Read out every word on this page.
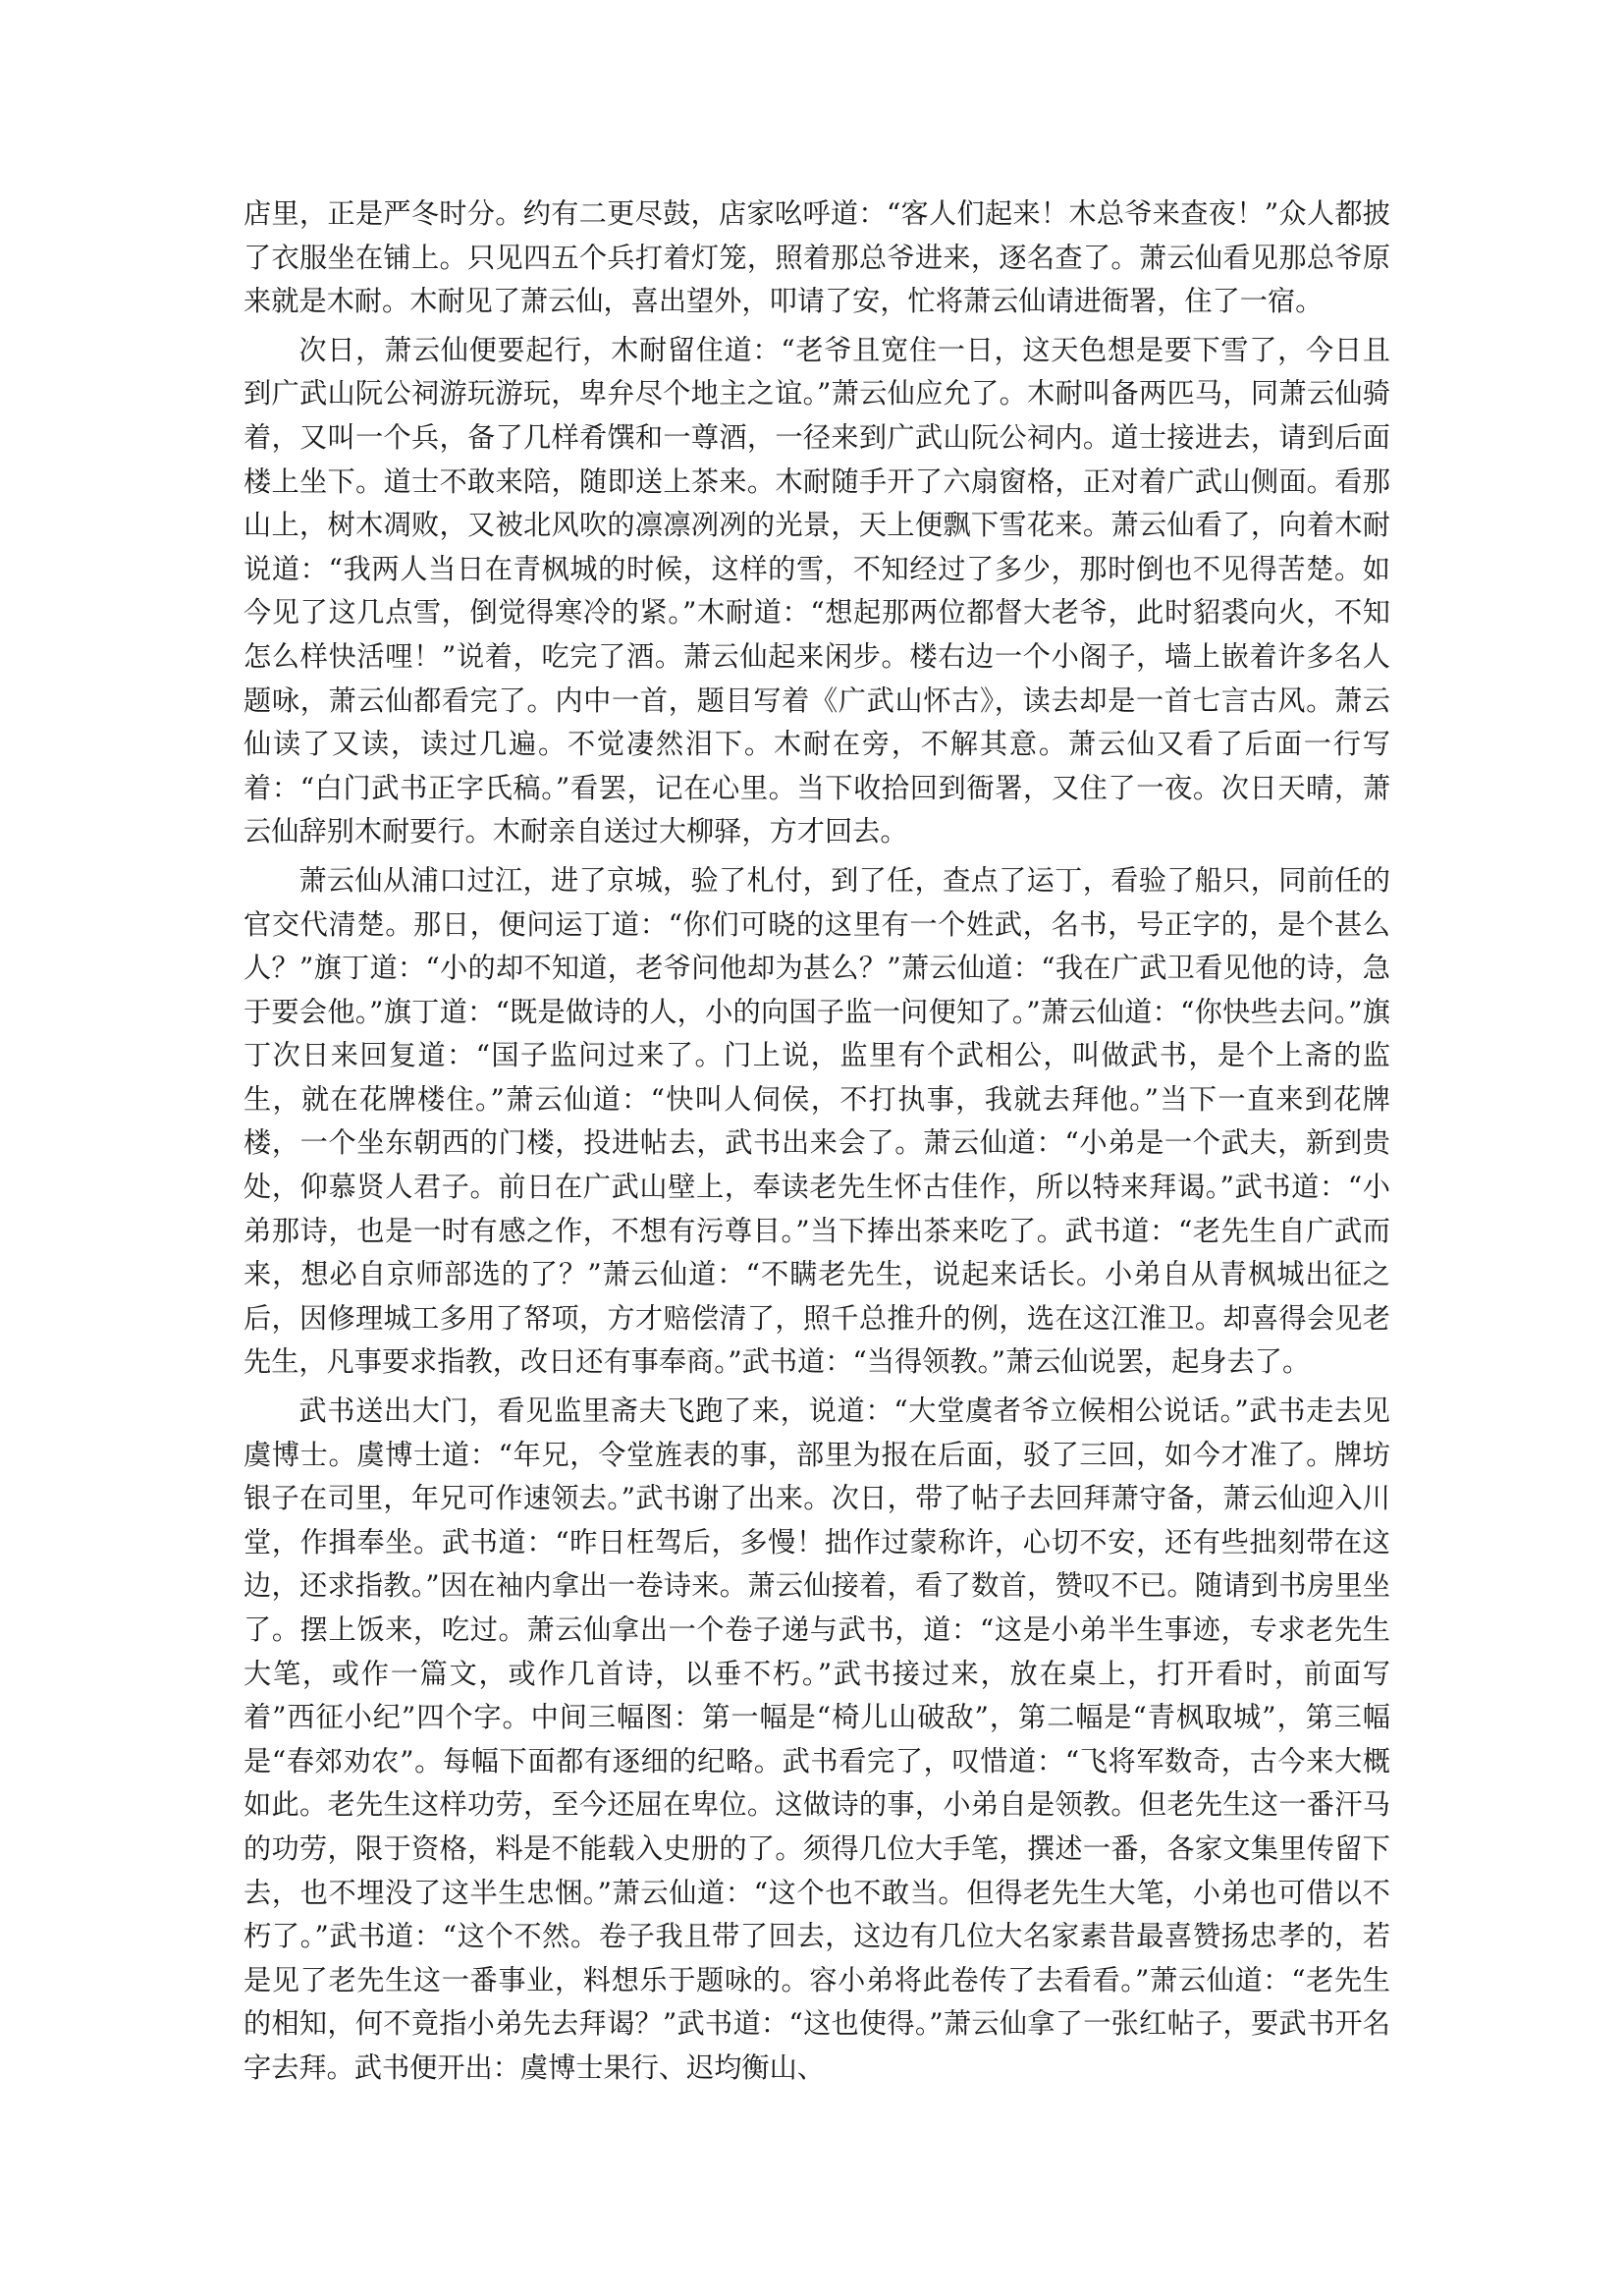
店里，正是严冬时分。约有二更尽鼓，店家吆呼道：“客人们起来！木总爷来查夜！”众人都披了衣服坐在铺上。只见四五个兵打着灯笼，照着那总爷进来，逐名查了。萧云仙看见那总爷原来就是木耐。木耐见了萧云仙，喜出望外，叩请了安，忙将萧云仙请进衙署，住了一宿。

次日，萧云仙便要起行，木耐留住道：“老爷且宽住一日，这天色想是要下雪了，今日且到广武山阮公祠游玩游玩，卑弁尽个地主之谊。”萧云仙应允了。木耐叫备两匹马，同萧云仙骑着，又叫一个兵，备了几样肴馔和一尊酒，一径来到广武山阮公祠内。道士接进去，请到后面楼上坐下。道士不敢来陪，随即送上茶来。木耐随手开了六扇窗格，正对着广武山侧面。看那山上，树木凋败，又被北风吹的凛凛冽冽的光景，天上便飘下雪花来。萧云仙看了，向着木耐说道：“我两人当日在青枫城的时候，这样的雪，不知经过了多少，那时倒也不见得苦楚。如今见了这几点雪，倒觉得寒冷的紧。”木耐道：“想起那两位都督大老爷，此时貂裘向火，不知怎么样快活哩！”说着，吃完了酒。萧云仙起来闲步。楼右边一个小阁子，墙上嵌着许多名人题咏，萧云仙都看完了。内中一首，题目写着《广武山怀古》，读去却是一首七言古风。萧云仙读了又读，读过几遍。不觉凄然泪下。木耐在旁，不解其意。萧云仙又看了后面一行写着：“白门武书正字氏稿。”看罢，记在心里。当下收拾回到衙署，又住了一夜。次日天晴，萧云仙辞别木耐要行。木耐亲自送过大柳驿，方才回去。

萧云仙从浦口过江，进了京城，验了札付，到了任，查点了运丁，看验了船只，同前任的官交代清楚。那日，便问运丁道：“你们可晓的这里有一个姓武，名书，号正字的，是个甚么人？”旗丁道：“小的却不知道，老爷问他却为甚么？”萧云仙道：“我在广武卫看见他的诗，急于要会他。”旗丁道：“既是做诗的人，小的向国子监一问便知了。”萧云仙道：“你快些去问。”旗丁次日来回复道：“国子监问过来了。门上说，监里有个武相公，叫做武书，是个上斋的监生，就在花牌楼住。”萧云仙道：“快叫人伺侯，不打执事，我就去拜他。”当下一直来到花牌楼，一个坐东朝西的门楼，投进帖去，武书出来会了。萧云仙道：“小弟是一个武夫，新到贵处，仰慕贤人君子。前日在广武山壁上，奉读老先生怀古佳作，所以特来拜谒。”武书道：“小弟那诗，也是一时有感之作，不想有污尊目。”当下捧出茶来吃了。武书道：“老先生自广武而来，想必自京师部选的了？”萧云仙道：“不瞒老先生，说起来话长。小弟自从青枫城出征之后，因修理城工多用了帑项，方才赔偿清了，照千总推升的例，选在这江淮卫。却喜得会见老先生，凡事要求指教，改日还有事奉商。”武书道：“当得领教。”萧云仙说罢，起身去了。

武书送出大门，看见监里斋夫飞跑了来，说道：“大堂虞者爷立候相公说话。”武书走去见虞博士。虞博士道：“年兄，令堂旌表的事，部里为报在后面，驳了三回，如今才准了。牌坊银子在司里，年兄可作速领去。”武书谢了出来。次日，带了帖子去回拜萧守备，萧云仙迎入川堂，作揖奉坐。武书道：“昨日枉驾后，多慢！拙作过蒙称许，心切不安，还有些拙刻带在这边，还求指教。”因在袖内拿出一卷诗来。萧云仙接着，看了数首，赞叹不已。随请到书房里坐了。摆上饭来，吃过。萧云仙拿出一个卷子递与武书，道：“这是小弟半生事迹，专求老先生大笔，或作一篇文，或作几首诗，以垂不朽。”武书接过来，放在桌上，打开看时，前面写着”西征小纪”四个字。中间三幅图：第一幅是“椅儿山破敌”，第二幅是“青枫取城”，第三幅是“春郊劝农”。每幅下面都有逐细的纪略。武书看完了，叹惜道：“飞将军数奇，古今来大概如此。老先生这样功劳，至今还屈在卑位。这做诗的事，小弟自是领教。但老先生这一番汗马的功劳，限于资格，料是不能载入史册的了。须得几位大手笔，撰述一番，各家文集里传留下去，也不埋没了这半生忠悃。”萧云仙道：“这个也不敢当。但得老先生大笔，小弟也可借以不朽了。”武书道：“这个不然。卷子我且带了回去，这边有几位大名家素昔最喜赞扬忠孝的，若是见了老先生这一番事业，料想乐于题咏的。容小弟将此卷传了去看看。”萧云仙道：“老先生的相知，何不竟指小弟先去拜谒？”武书道：“这也使得。”萧云仙拿了一张红帖子，要武书开名字去拜。武书便开出：虞博士果行、迟均衡山、
